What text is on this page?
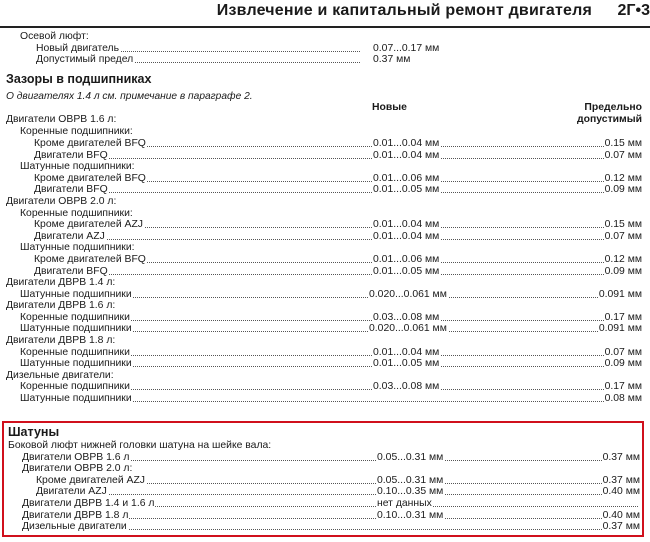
Извлечение и капитальный ремонт двигателя 2Г•3
Осевой люфт:
Новый двигатель	0.07...0.17 мм
Допустимый предел	0.37 мм
Зазоры в подшипниках
О двигателях 1.4 л см. примечание в параграфе 2.
Двигатели OBPB 1.6 л:
Новые	Предельно
допустимый
Коренные подшипники:
Кроме двигателей BFQ	0.01...0.04 мм	0.15 мм
Двигатели BFQ	0.01...0.04 мм	0.07 мм
Шатунные подшипники:
Кроме двигателей BFQ	0.01...0.06 мм	0.12 мм
Двигатели BFQ	0.01...0.05 мм	0.09 мм
Двигатели OBPB 2.0 л:
Коренные подшипники:
Кроме двигателей AZJ	0.01...0.04 мм	0.15 мм
Двигатели AZJ	0.01...0.04 мм	0.07 мм
Шатунные подшипники:
Кроме двигателей BFQ	0.01...0.06 мм	0.12 мм
Двигатели BFQ	0.01...0.05 мм	0.09 мм
Двигатели ДВРВ 1.4 л:
Шатунные подшипники	0.020...0.061 мм	0.091 мм
Двигатели ДВРВ 1.6 л:
Коренные подшипники	0.03...0.08 мм	0.17 мм
Шатунные подшипники	0.020...0.061 мм	0.091 мм
Двигатели ДВРВ 1.8 л:
Коренные подшипники	0.01...0.04 мм	0.07 мм
Шатунные подшипники	0.01...0.05 мм	0.09 мм
Дизельные двигатели:
Коренные подшипники	0.03...0.08 мм	0.17 мм
Шатунные подшипники	0.08 мм
Шатуны
Боковой люфт нижней головки шатуна на шейке вала:
Двигатели OBPB 1.6 л	0.05...0.31 мм	0.37 мм
Двигатели OBPB 2.0 л:
Кроме двигателей AZJ	0.05...0.31 мм	0.37 мм
Двигатели AZJ	0.10...0.35 мм	0.40 мм
Двигатели ДВРВ 1.4 и 1.6 л	нет данных
Двигатели ДВРВ 1.8 л	0.10...0.31 мм	0.40 мм
Дизельные двигатели	0.37 мм
